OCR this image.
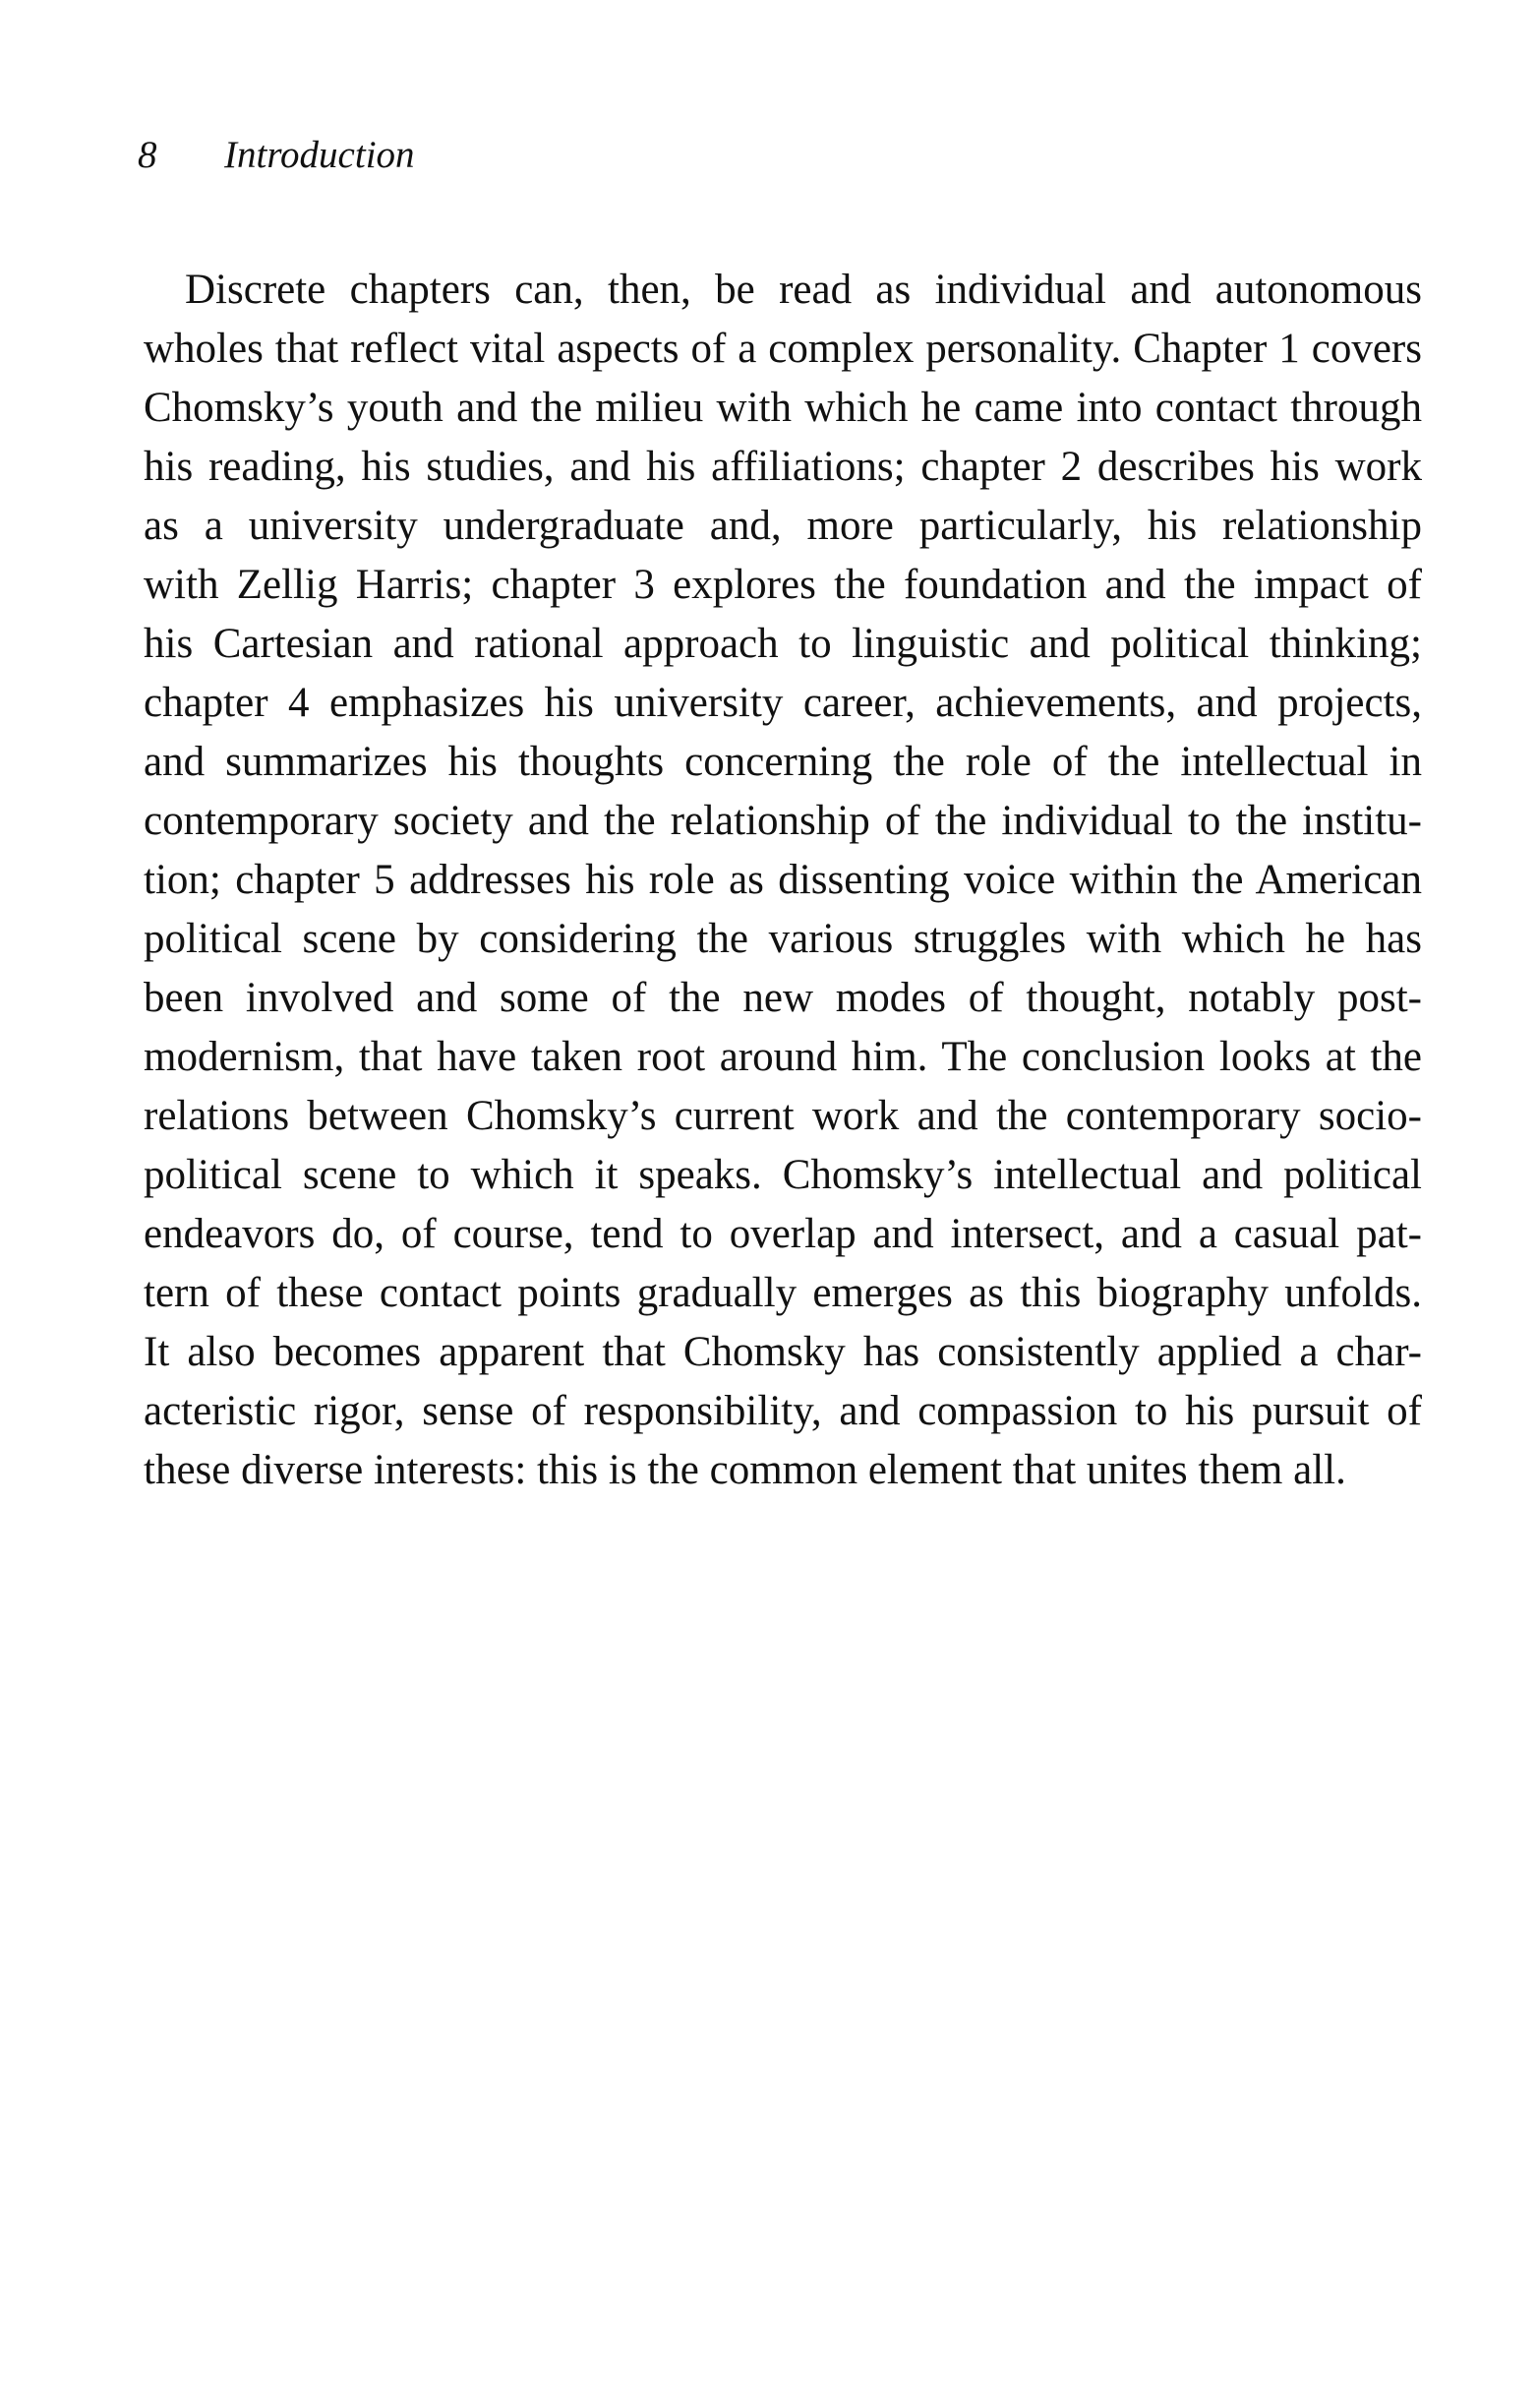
8 Introduction
Discrete chapters can, then, be read as individual and autonomous
wholes that reflect vital aspects of a complex personality. Chapter 1 covers
Chomsky’s youth and the milieu with which he came into contact through
his reading, his studies, and his affiliations; chapter 2 describes his work
as a university undergraduate and, more particularly, his relationship
with Zellig Harris; chapter 3 explores the foundation and the impact of
his Cartesian and rational approach to linguistic and political thinking;
chapter 4 emphasizes his university career, achievements, and projects,
and summarizes his thoughts concerning the role of the intellectual in
contemporary society and the relationship of the individual to the institu-
tion; chapter 5 addresses his role as dissenting voice within the American
political scene by considering the various struggles with which he has
been involved and some of the new modes of thought, notably post-
modernism, that have taken root around him. The conclusion looks at the
relations between Chomsky’s current work and the contemporary socio-
political scene to which it speaks. Chomsky’s intellectual and political
endeavors do, of course, tend to overlap and intersect, and a casual pat-
tern of these contact points gradually emerges as this biography unfolds.
It also becomes apparent that Chomsky has consistently applied a char-
acteristic rigor, sense of responsibility, and compassion to his pursuit of
these diverse interests: this is the common element that unites them all.
